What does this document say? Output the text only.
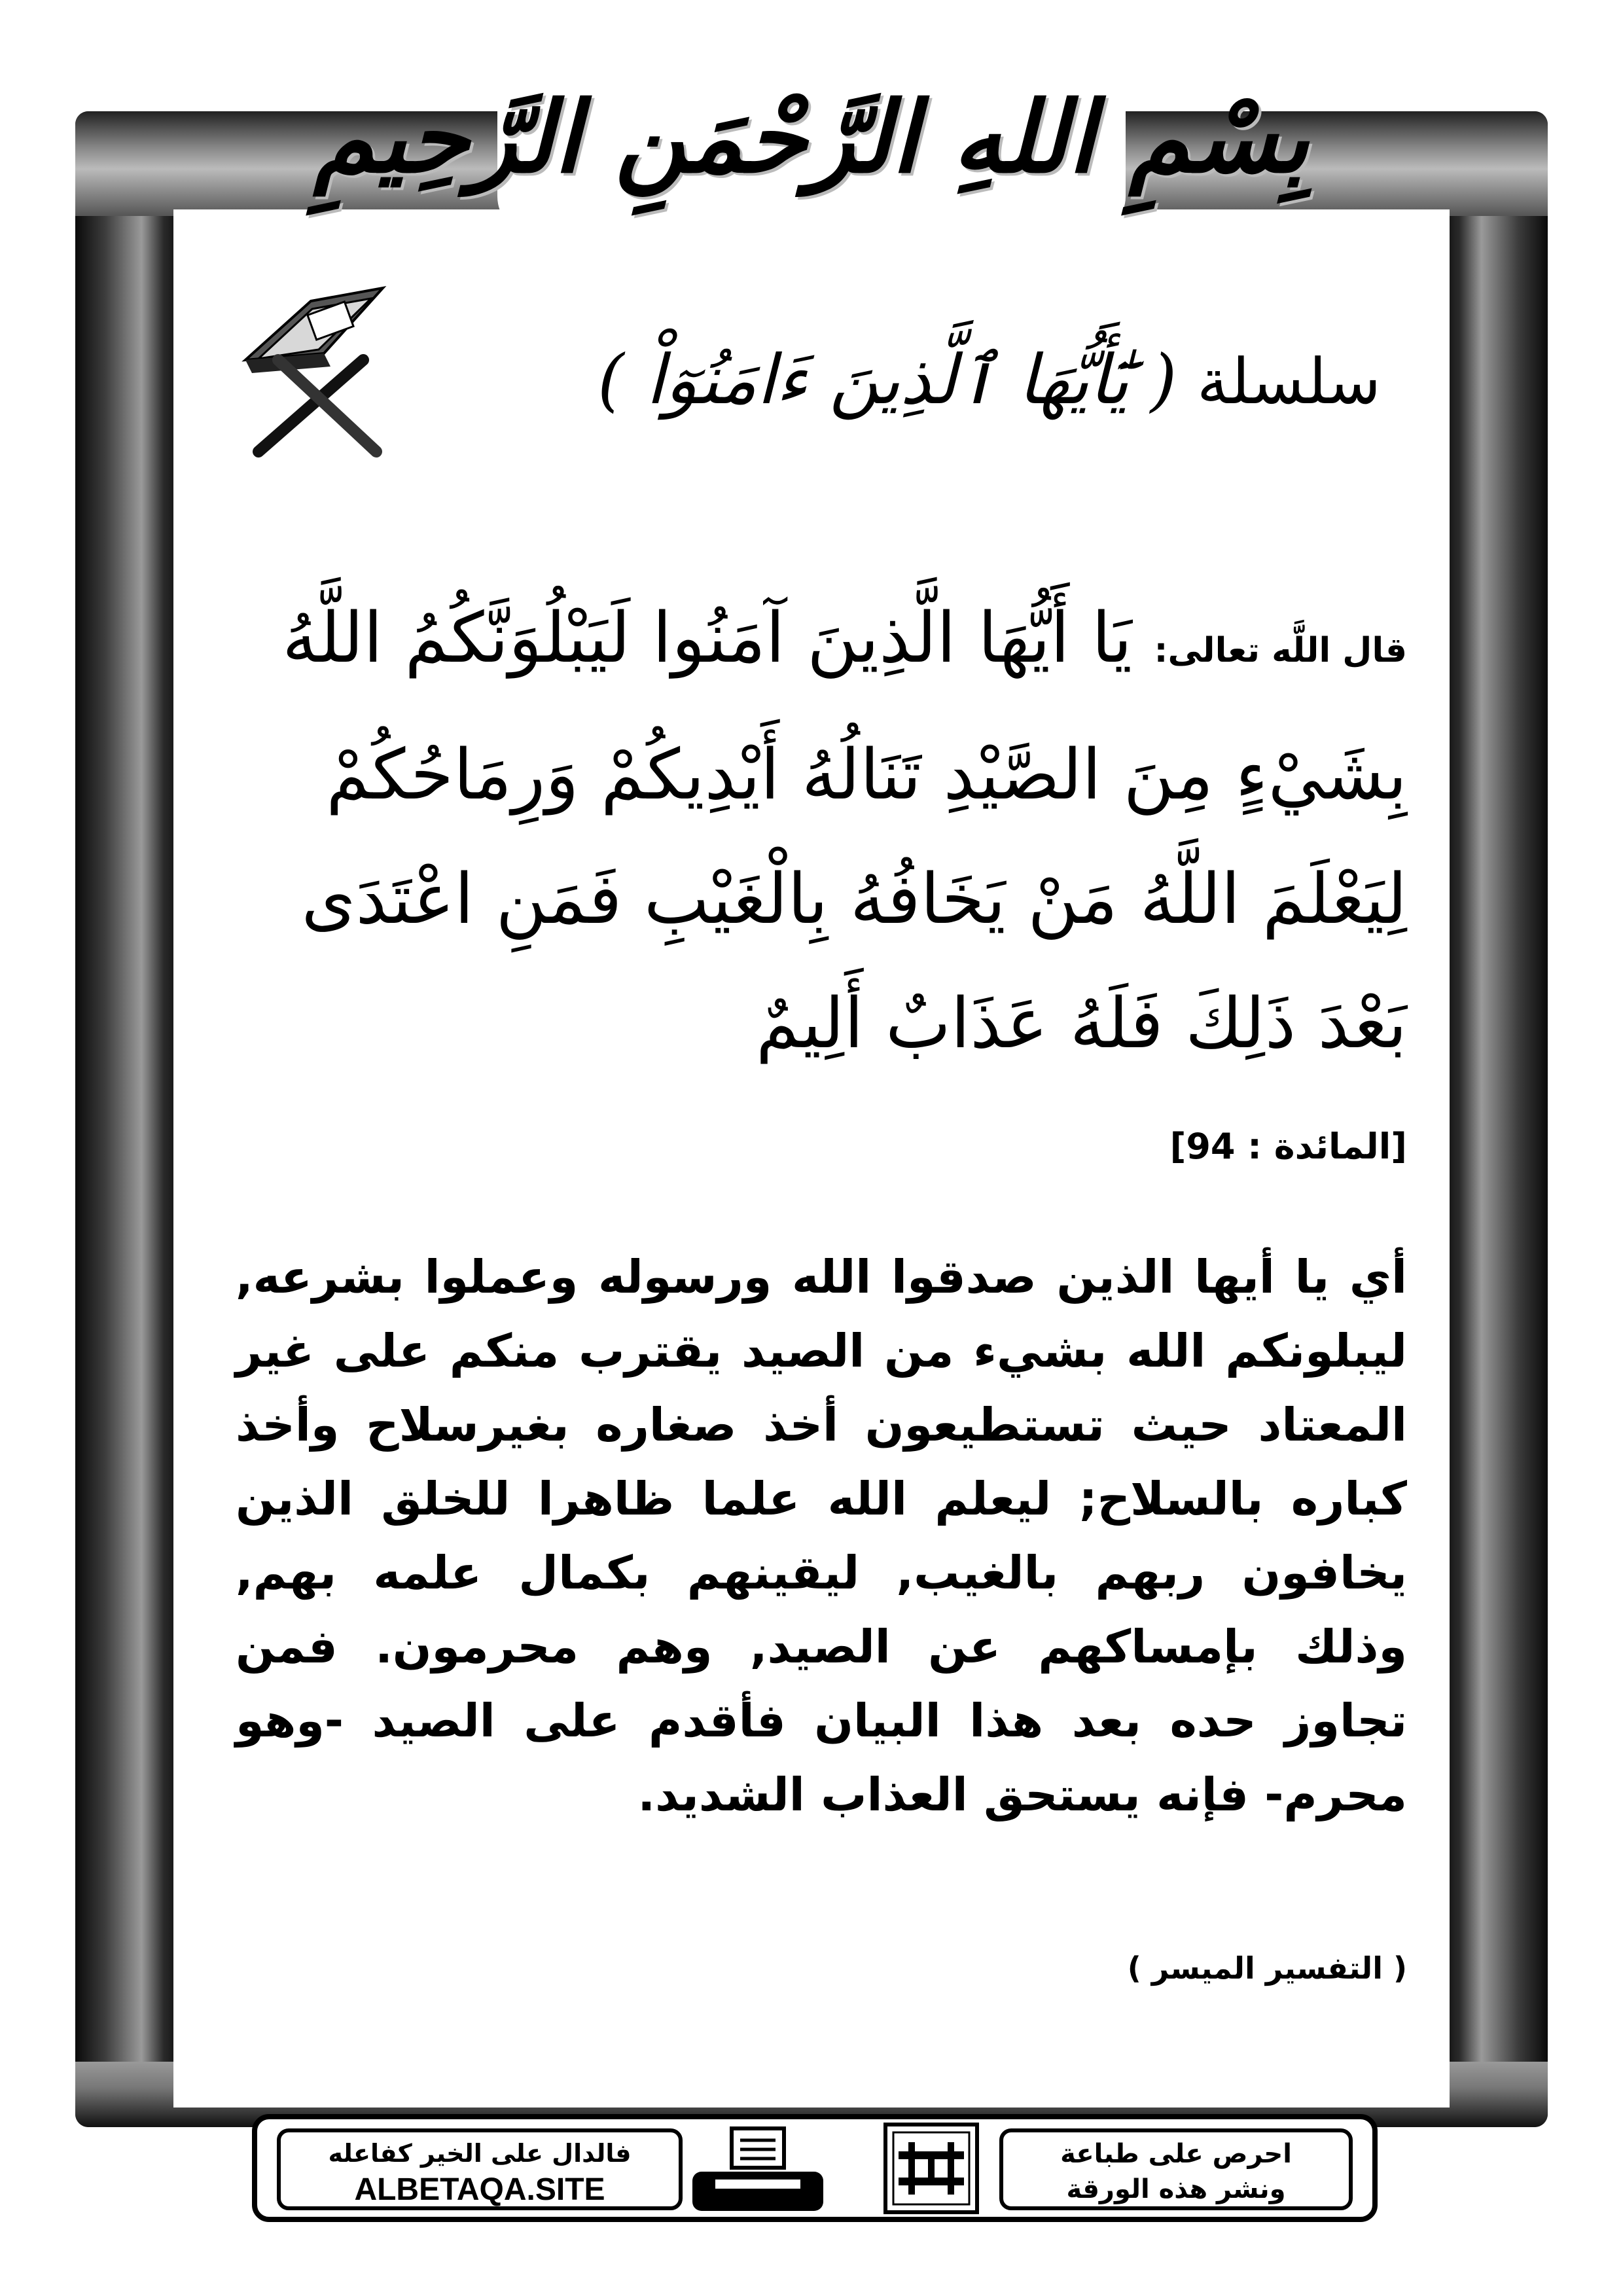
بِسْمِ اللهِ الرَّحْمَنِ الرَّحِيمِ
سلسلة ( يَٰٓأَيُّهَا ٱلَّذِينَ ءَامَنُوٓاْ )
قال اللَّه تعالى: يَا أَيُّهَا الَّذِينَ آمَنُوا لَيَبْلُوَنَّكُمُ اللَّهُ بِشَيْءٍ مِنَ الصَّيْدِ تَنَالُهُ أَيْدِيكُمْ وَرِمَاحُكُمْ لِيَعْلَمَ اللَّهُ مَنْ يَخَافُهُ بِالْغَيْبِ فَمَنِ اعْتَدَى بَعْدَ ذَلِكَ فَلَهُ عَذَابٌ أَلِيمٌ
[المائدة : 94]
أي يا أيها الذين صدقوا الله ورسوله وعملوا بشرعه, ليبلونكم الله بشيء من الصيد يقترب منكم على غير المعتاد حيث تستطيعون أخذ صغاره بغيرسلاح وأخذ كباره بالسلاح; ليعلم الله علما ظاهرا للخلق الذين يخافون ربهم بالغيب, ليقينهم بكمال علمه بهم, وذلك بإمساكهم عن الصيد, وهم محرمون. فمن تجاوز حده بعد هذا البيان فأقدم على الصيد -وهو محرم- فإنه يستحق العذاب الشديد.
( التفسير الميسر )
فالدال على الخير كفاعله
ALBETAQA.SITE
احرص على طباعة
ونشر هذه الورقة
